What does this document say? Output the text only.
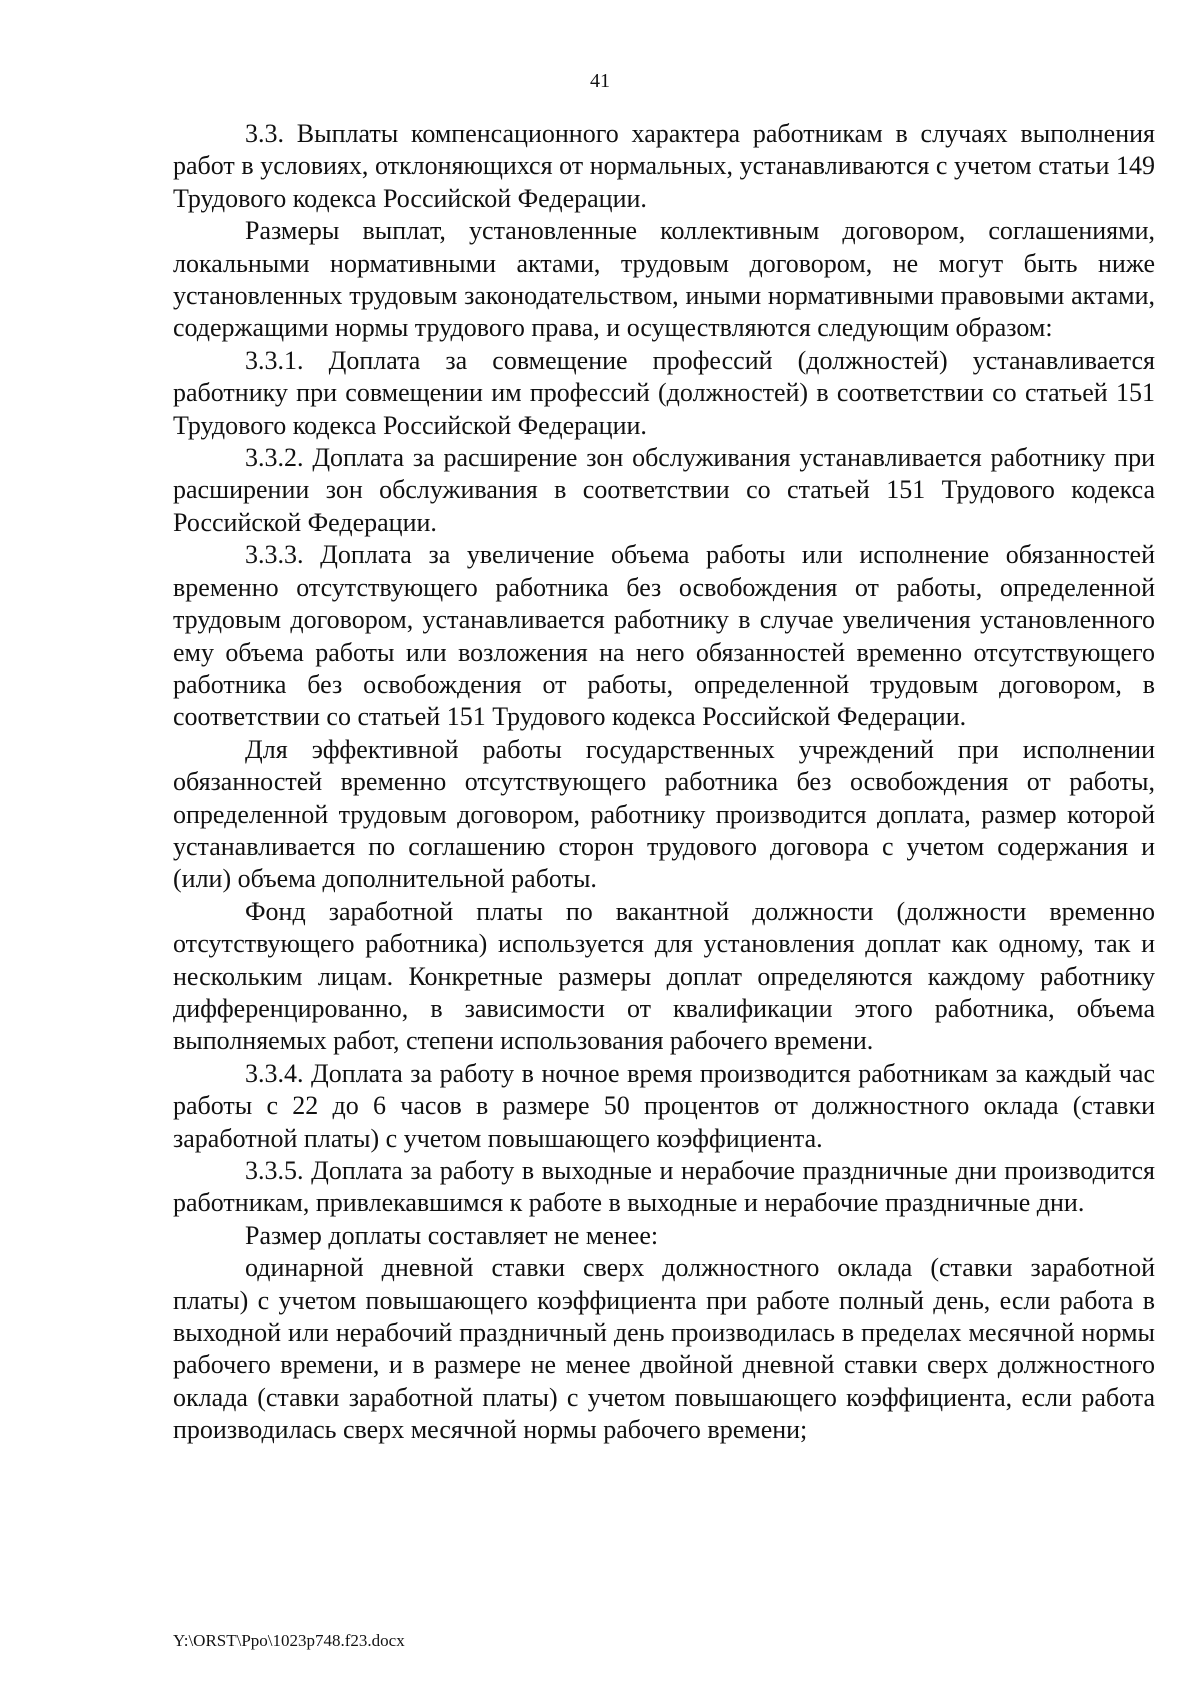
41

3.3. Выплаты компенсационного характера работникам в случаях выполнения работ в условиях, отклоняющихся от нормальных, устанавливаются с учетом статьи 149 Трудового кодекса Российской Федерации.

Размеры выплат, установленные коллективным договором, соглашениями, локальными нормативными актами, трудовым договором, не могут быть ниже установленных трудовым законодательством, иными нормативными правовыми актами, содержащими нормы трудового права, и осуществляются следующим образом:

3.3.1. Доплата за совмещение профессий (должностей) устанавливается работнику при совмещении им профессий (должностей) в соответствии со статьей 151 Трудового кодекса Российской Федерации.

3.3.2. Доплата за расширение зон обслуживания устанавливается работнику при расширении зон обслуживания в соответствии со статьей 151 Трудового кодекса Российской Федерации.

3.3.3. Доплата за увеличение объема работы или исполнение обязанностей временно отсутствующего работника без освобождения от работы, определенной трудовым договором, устанавливается работнику в случае увеличения установленного ему объема работы или возложения на него обязанностей временно отсутствующего работника без освобождения от работы, определенной трудовым договором, в соответствии со статьей 151 Трудового кодекса Российской Федерации.

Для эффективной работы государственных учреждений при исполнении обязанностей временно отсутствующего работника без освобождения от работы, определенной трудовым договором, работнику производится доплата, размер которой устанавливается по соглашению сторон трудового договора с учетом содержания и (или) объема дополнительной работы.

Фонд заработной платы по вакантной должности (должности временно отсутствующего работника) используется для установления доплат как одному, так и нескольким лицам. Конкретные размеры доплат определяются каждому работнику дифференцированно, в зависимости от квалификации этого работника, объема выполняемых работ, степени использования рабочего времени.

3.3.4. Доплата за работу в ночное время производится работникам за каждый час работы с 22 до 6 часов в размере 50 процентов от должностного оклада (ставки заработной платы) с учетом повышающего коэффициента.

3.3.5. Доплата за работу в выходные и нерабочие праздничные дни производится работникам, привлекавшимся к работе в выходные и нерабочие праздничные дни.

Размер доплаты составляет не менее:

одинарной дневной ставки сверх должностного оклада (ставки заработной платы) с учетом повышающего коэффициента при работе полный день, если работа в выходной или нерабочий праздничный день производилась в пределах месячной нормы рабочего времени, и в размере не менее двойной дневной ставки сверх должностного оклада (ставки заработной платы) с учетом повышающего коэффициента, если работа производилась сверх месячной нормы рабочего времени;

Y:\ORST\Ppo\1023p748.f23.docx
